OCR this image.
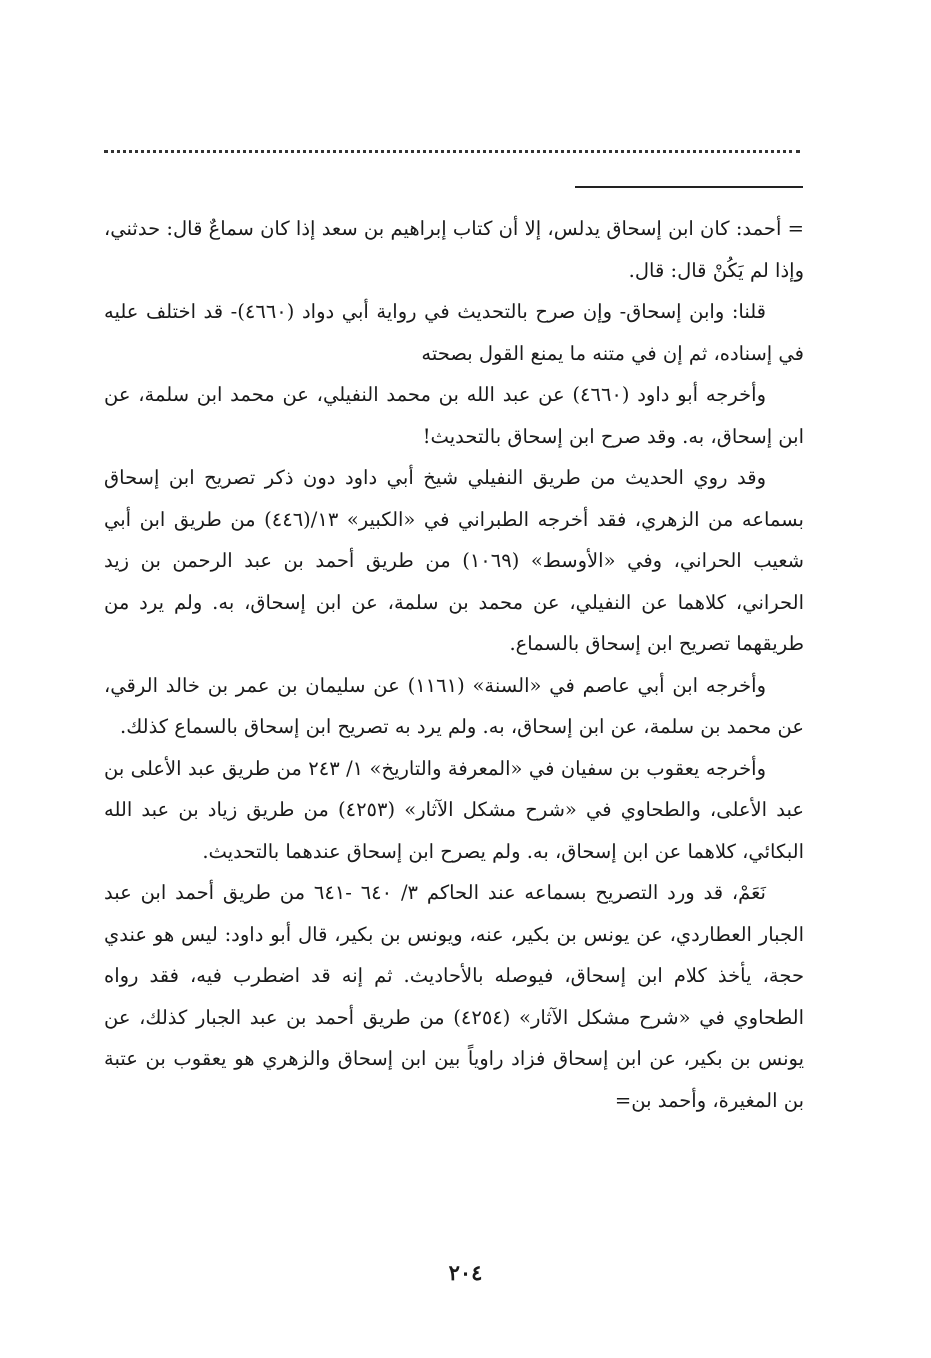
= أحمد: كان ابن إسحاق يدلس، إلا أن كتاب إبراهيم بن سعد إذا كان سماعٌ قال: حدثني، وإذا لم يَكُنْ قال: قال.

قلنا: وابن إسحاق- وإن صرح بالتحديث في رواية أبي دواد (٤٦٦٠)- قد اختلف عليه في إسناده، ثم إن في متنه ما يمنع القول بصحته

وأخرجه أبو داود (٤٦٦٠) عن عبد الله بن محمد النفيلي، عن محمد ابن سلمة، عن ابن إسحاق، به. وقد صرح ابن إسحاق بالتحديث!

وقد روي الحديث من طريق النفيلي شيخ أبي داود دون ذكر تصريح ابن إسحاق بسماعه من الزهري، فقد أخرجه الطبراني في «الكبير» ١٣/(٤٤٦) من طريق ابن أبي شعيب الحراني، وفي «الأوسط» (١٠٦٩) من طريق أحمد بن عبد الرحمن بن زيد الحراني، كلاهما عن النفيلي، عن محمد بن سلمة، عن ابن إسحاق، به. ولم يرد من طريقهما تصريح ابن إسحاق بالسماع.

وأخرجه ابن أبي عاصم في «السنة» (١١٦١) عن سليمان بن عمر بن خالد الرقي، عن محمد بن سلمة، عن ابن إسحاق، به. ولم يرد به تصريح ابن إسحاق بالسماع كذلك.

وأخرجه يعقوب بن سفيان في «المعرفة والتاريخ» ١/ ٢٤٣ من طريق عبد الأعلى بن عبد الأعلى، والطحاوي في «شرح مشكل الآثار» (٤٢٥٣) من طريق زياد بن عبد الله البكائي، كلاهما عن ابن إسحاق، به. ولم يصرح ابن إسحاق عندهما بالتحديث.

نَعَمْ، قد ورد التصريح بسماعه عند الحاكم ٣/ ٦٤٠ -٦٤١ من طريق أحمد ابن عبد الجبار العطاردي، عن يونس بن بكير، عنه، ويونس بن بكير، قال أبو داود: ليس هو عندي حجة، يأخذ كلام ابن إسحاق، فيوصله بالأحاديث. ثم إنه قد اضطرب فيه، فقد رواه الطحاوي في «شرح مشكل الآثار» (٤٢٥٤) من طريق أحمد بن عبد الجبار كذلك، عن يونس بن بكير، عن ابن إسحاق فزاد راوياً بين ابن إسحاق والزهري هو يعقوب بن عتبة بن المغيرة، وأحمد بن=

٢٠٤
